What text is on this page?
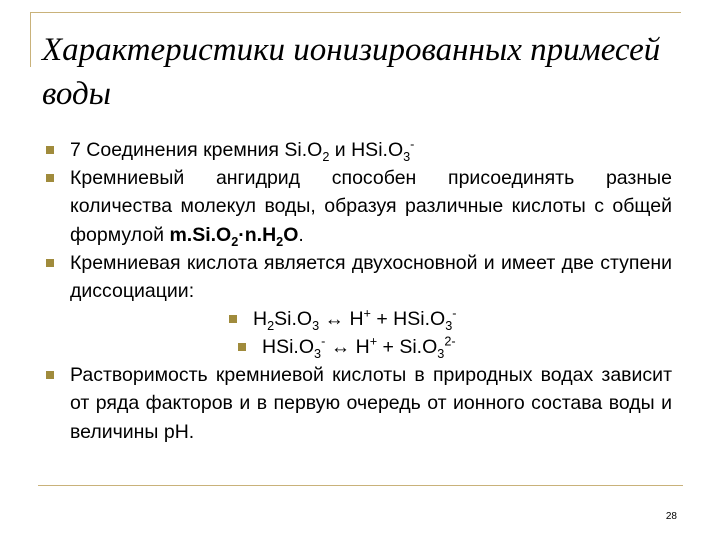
Характеристики ионизированных примесей воды
7 Соединения кремния $Si.O_2$ и $HSi.O_3^-$
Кремниевый ангидрид способен присоединять разные количества молекул воды, образуя различные кислоты с общей формулой $m.Si.O_2\cdot n.H_2O$.
Кремниевая кислота является двухосновной и имеет две ступени диссоциации:
$H_2Si.O_3$ ↔ $H^+ + HSi.O_3^-$
$HSi.O_3^-$ ↔ $H^+ + Si.O_3^{2-}$
Растворимость кремниевой кислоты в природных водах зависит от ряда факторов и в первую очередь от ионного состава воды и величины pH.
28
